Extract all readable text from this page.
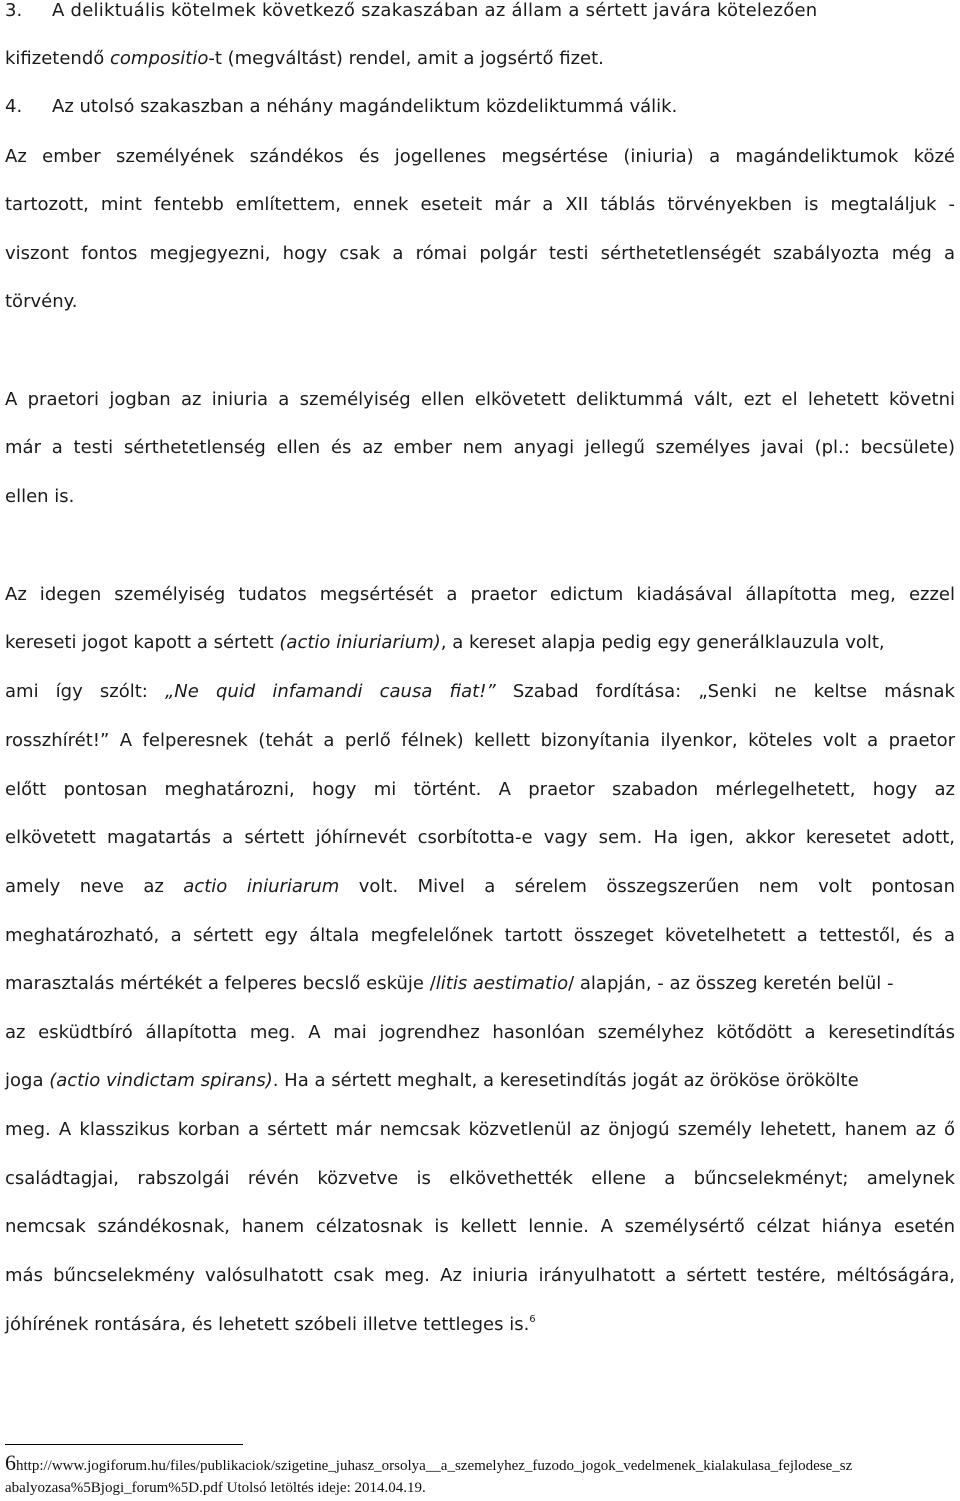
3. A deliktuális kötelmek következő szakaszában az állam a sértett javára kötelezően
kifizetendő compositio-t (megváltást) rendel, amit a jogsértő fizet.
4. Az utolsó szakaszban a néhány magándeliktum közdeliktummá válik.
Az ember személyének szándékos és jogellenes megsértése (iniuria) a magándeliktumok közé
tartozott, mint fentebb említettem, ennek eseteit már a XII táblás törvényekben is megtaláljuk -
viszont fontos megjegyezni, hogy csak a római polgár testi sérthetetlenségét szabályozta még a
törvény.
A praetori jogban az iniuria a személyiség ellen elkövetett deliktummá vált, ezt el lehetett követni
már a testi sérthetetlenség ellen és az ember nem anyagi jellegű személyes javai (pl.: becsülete)
ellen is.
Az idegen személyiség tudatos megsértését a praetor edictum kiadásával állapította meg, ezzel
kereseti jogot kapott a sértett (actio iniuriarium), a kereset alapja pedig egy generálklauzula volt,
ami így szólt: „Ne quid infamandi causa fiat!” Szabad fordítása: „Senki ne keltse másnak
rosszhírét!” A felperesnek (tehát a perlő félnek) kellett bizonyítania ilyenkor, köteles volt a praetor
előtt pontosan meghatározni, hogy mi történt. A praetor szabadon mérlegelhetett, hogy az
elkövetett magatartás a sértett jóhírnevét csorbította-e vagy sem. Ha igen, akkor keresetet adott,
amely neve az actio iniuriarum volt. Mivel a sérelem összegszerűen nem volt pontosan
meghatározható, a sértett egy általa megfelelőnek tartott összeget követelhetett a tettestől, és a
marasztalás mértékét a felperes becslő esküje /litis aestimatio/ alapján, - az összeg keretén belül -
az esküdtbíró állapította meg. A mai jogrendhez hasonlóan személyhez kötődött a keresetindítás
joga (actio vindictam spirans). Ha a sértett meghalt, a keresetindítás jogát az örököse örökölte
meg. A klasszikus korban a sértett már nemcsak közvetlenül az önjogú személy lehetett, hanem az ő
családtagjai, rabszolgái révén közvetve is elkövethették ellene a bűncselekményt; amelynek
nemcsak szándékosnak, hanem célzatosnak is kellett lennie. A személysértő célzat hiánya esetén
más bűncselekmény valósulhatott csak meg. Az iniuria irányulhatott a sértett testére, méltóságára,
jóhírének rontására, és lehetett szóbeli illetve tettleges is.$^6$
6http://www.jogiforum.hu/files/publikaciok/szigetine_juhasz_orsolya__a_szemelyhez_fuzodo_jogok_vedelmenek_kialakulasa_fejlodese_sz
abalyozasa%5Bjogi_forum%5D.pdf Utolsó letöltés ideje: 2014.04.19.
